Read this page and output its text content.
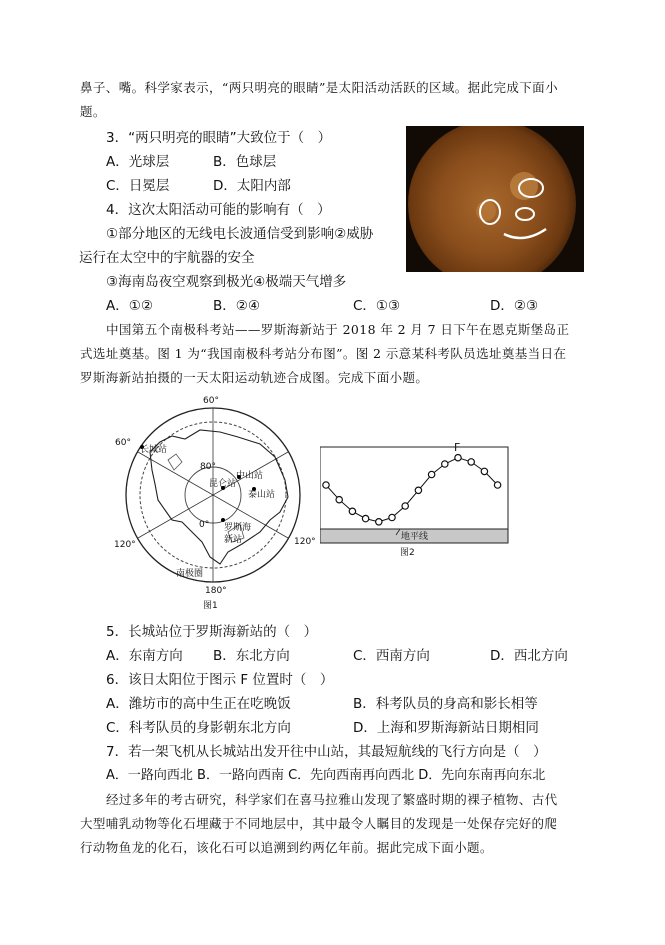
鼻子、嘴。科学家表示，“两只明亮的眼睛”是太阳活动活跃的区域。据此完成下面小
题。
3．“两只明亮的眼睛”大致位于（　）
A．光球层	B．色球层
C．日冕层	D．太阳内部
4．这次太阳活动可能的影响有（　）
①部分地区的无线电长波通信受到影响②威胁
运行在太空中的宇航器的安全
③海南岛夜空观察到极光④极端天气增多
A．①②	B．②④	C．①③	D．②③
中国第五个南极科考站——罗斯海新站于 2018 年 2 月 7 日下午在恩克斯堡岛正
式选址奠基。图 1 为“我国南极科考站分布图”。图 2 示意某科考队员选址奠基当日在
罗斯海新站拍摄的一天太阳运动轨迹合成图。完成下面小题。
60°
60°
80°
120°	120°
0°
180°
长城站
中山站
昆仑站
泰山站
罗斯海
新站
南极圈
图1
F
地平线
图2
5．长城站位于罗斯海新站的（　）
A．东南方向 B．东北方向	C．西南方向	D．西北方向
6．该日太阳位于图示 F 位置时（　）
A．潍坊市的高中生正在吃晚饭	B．科考队员的身高和影长相等
C．科考队员的身影朝东北方向	D．上海和罗斯海新站日期相同
7．若一架飞机从长城站出发开往中山站，其最短航线的飞行方向是（　）
A．一路向西北 B．一路向西南 C．先向西南再向西北 D．先向东南再向东北
经过多年的考古研究，科学家们在喜马拉雅山发现了繁盛时期的裸子植物、古代
大型哺乳动物等化石埋藏于不同地层中，其中最令人瞩目的发现是一处保存完好的爬
行动物鱼龙的化石，该化石可以追溯到约两亿年前。据此完成下面小题。
